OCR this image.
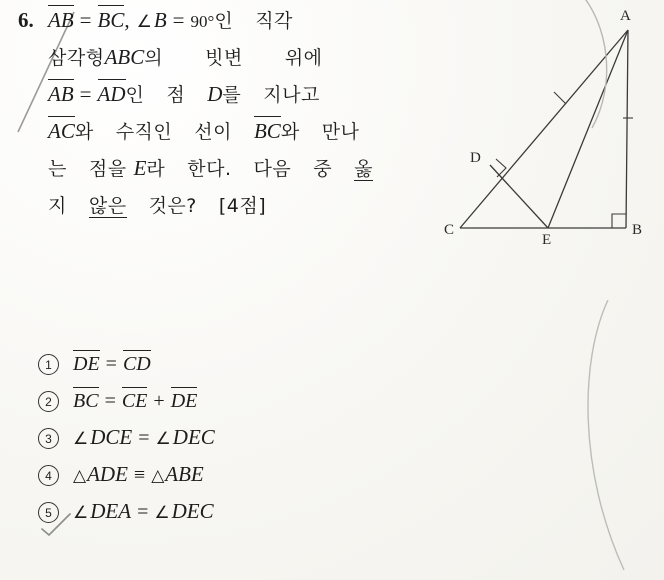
6. AB = BC, ∠B = 90°인 직각
삼각형ABC의 빗변 위에
AB = AD인 점 D를 지나고
AC와 수직인 선이 BC와 만나
는 점을 E라 한다. 다음 중 옳
지 않은 것은? [4점]
1	DE = CD
2	BC = CE + DE
3	∠DCE = ∠DEC
4	△ADE ≡ △ABE
5	∠DEA = ∠DEC
A
B
C
D
E
